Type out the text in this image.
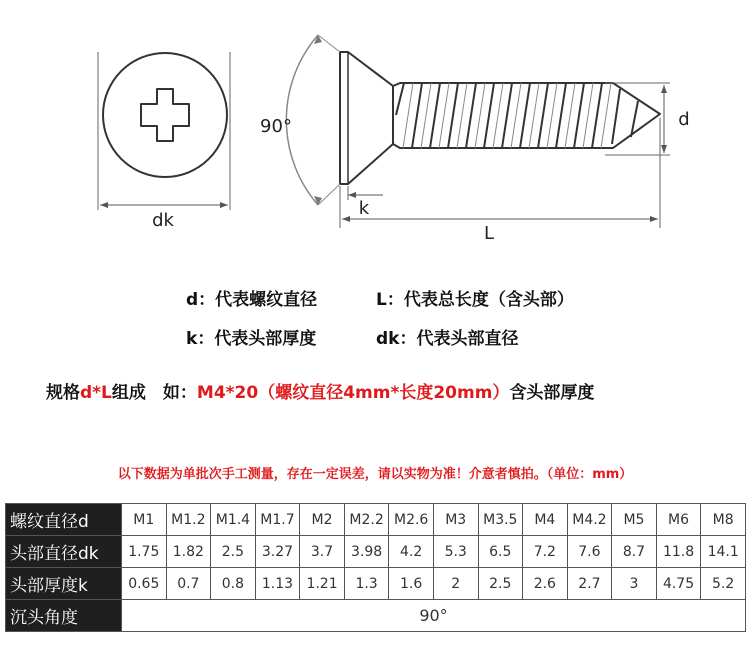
dk
90°
k
L
d
d：代表螺纹直径	L：代表总长度（含头部）
k：代表头部厚度	dk：代表头部直径
规格d*L组成　如：M4*20（螺纹直径4mm*长度20mm）含头部厚度
以下数据为单批次手工测量，存在一定误差，请以实物为准！介意者慎拍。（单位：mm）
螺纹直径d	M1	M1.2	M1.4	M1.7	M2	M2.2	M2.6	M3	M3.5	M4	M4.2	M5	M6	M8
头部直径dk	1.75	1.82	2.5	3.27	3.7	3.98	4.2	5.3	6.5	7.2	7.6	8.7	11.8	14.1
头部厚度k	0.65	0.7	0.8	1.13	1.21	1.3	1.6	2	2.5	2.6	2.7	3	4.75	5.2
沉头角度	90°													
